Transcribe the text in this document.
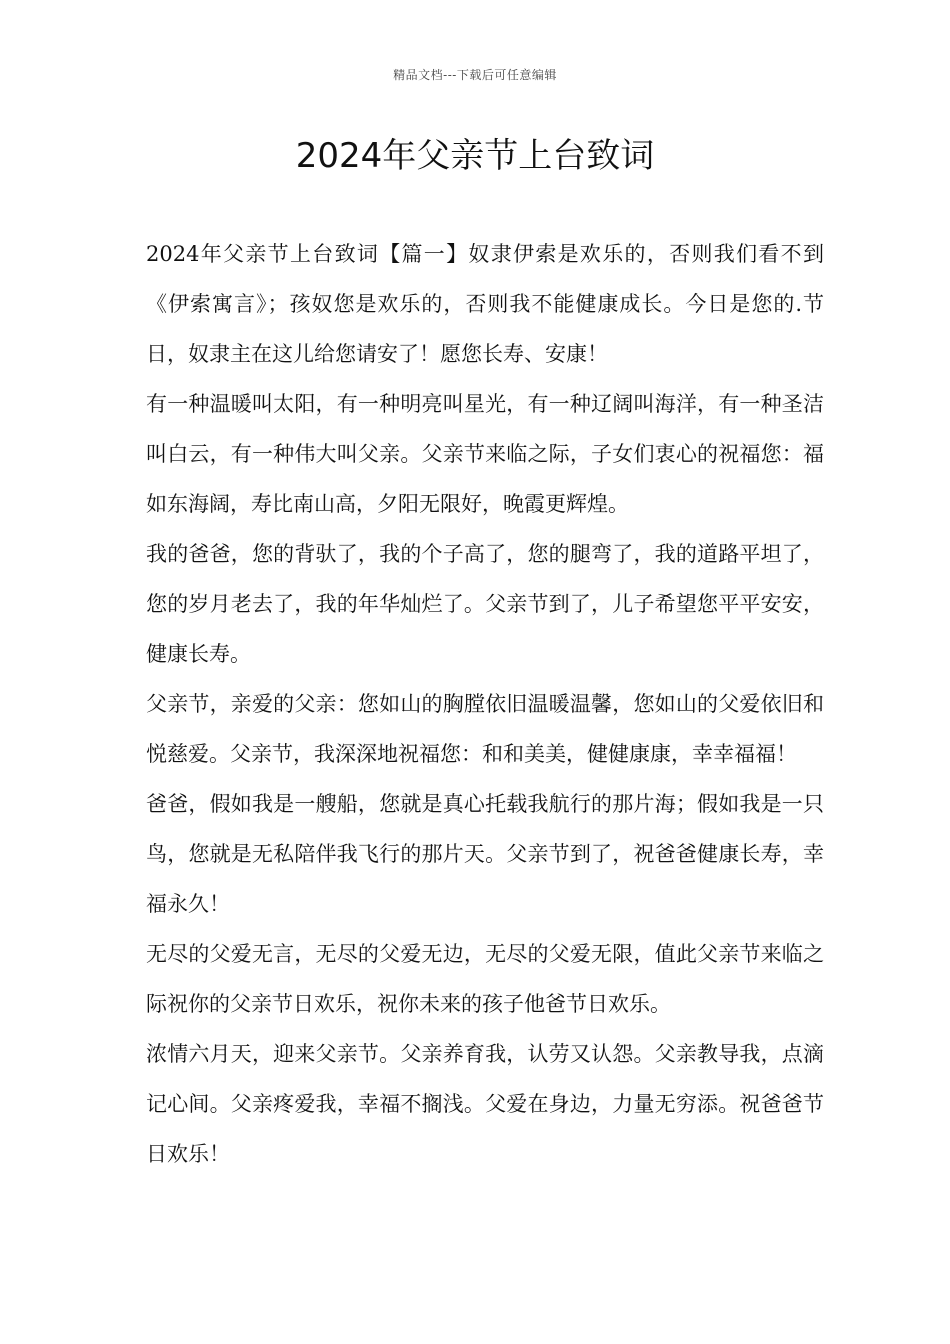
精品文档---下载后可任意编辑
2024年父亲节上台致词

2024年父亲节上台致词【篇一】奴隶伊索是欢乐的，否则我们看不到《伊索寓言》；孩奴您是欢乐的，否则我不能健康成长。今日是您的.节日，奴隶主在这儿给您请安了！愿您长寿、安康！

有一种温暖叫太阳，有一种明亮叫星光，有一种辽阔叫海洋，有一种圣洁叫白云，有一种伟大叫父亲。父亲节来临之际，子女们衷心的祝福您：福如东海阔，寿比南山高，夕阳无限好，晚霞更辉煌。

我的爸爸，您的背驮了，我的个子高了，您的腿弯了，我的道路平坦了，您的岁月老去了，我的年华灿烂了。父亲节到了，儿子希望您平平安安，健康长寿。

父亲节，亲爱的父亲：您如山的胸膛依旧温暖温馨，您如山的父爱依旧和悦慈爱。父亲节，我深深地祝福您：和和美美，健健康康，幸幸福福！

爸爸，假如我是一艘船，您就是真心托载我航行的那片海；假如我是一只鸟，您就是无私陪伴我飞行的那片天。父亲节到了，祝爸爸健康长寿，幸福永久！

无尽的父爱无言，无尽的父爱无边，无尽的父爱无限，值此父亲节来临之际祝你的父亲节日欢乐，祝你未来的孩子他爸节日欢乐。

浓情六月天，迎来父亲节。父亲养育我，认劳又认怨。父亲教导我，点滴记心间。父亲疼爱我，幸福不搁浅。父爱在身边，力量无穷添。祝爸爸节日欢乐！
